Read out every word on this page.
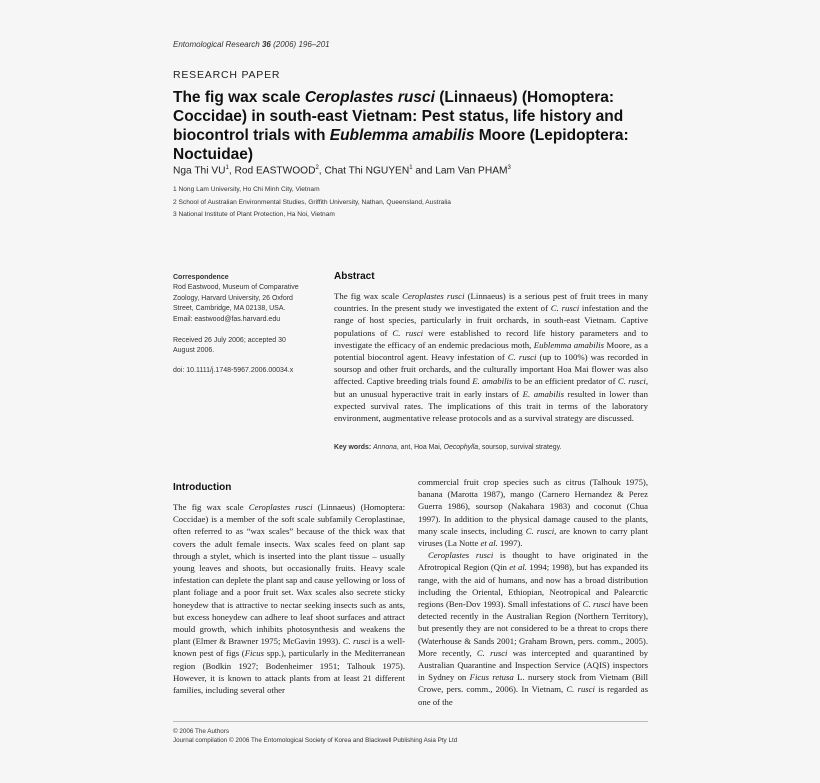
Entomological Research 36 (2006) 196–201
RESEARCH PAPER
The fig wax scale Ceroplastes rusci (Linnaeus) (Homoptera: Coccidae) in south-east Vietnam: Pest status, life history and biocontrol trials with Eublemma amabilis Moore (Lepidoptera: Noctuidae)
Nga Thi $VU^1$, Rod EASTWOOD$^2$, Chat Thi NGUYEN$^1$ and Lam Van PHAM$^3$
1 Nong Lam University, Ho Chi Minh City, Vietnam
2 School of Australian Environmental Studies, Griffith University, Nathan, Queensland, Australia
3 National Institute of Plant Protection, Ha Noi, Vietnam
Correspondence
Rod Eastwood, Museum of Comparative
Zoology, Harvard University, 26 Oxford
Street, Cambridge, MA 02138, USA.
Email: eastwood@fas.harvard.edu
Received 26 July 2006; accepted 30
August 2006.
doi: 10.1111/j.1748-5967.2006.00034.x
Abstract
The fig wax scale Ceroplastes rusci (Linnaeus) is a serious pest of fruit trees in many countries. In the present study we investigated the extent of C. rusci infestation and the range of host species, particularly in fruit orchards, in south-east Vietnam. Captive populations of C. rusci were established to record life history parameters and to investigate the efficacy of an endemic predacious moth, Eublemma amabilis Moore, as a potential biocontrol agent. Heavy infestation of C. rusci (up to 100%) was recorded in soursop and other fruit orchards, and the culturally important Hoa Mai flower was also affected. Captive breeding trials found E. amabilis to be an efficient predator of C. rusci, but an unusual hyperactive trait in early instars of E. amabilis resulted in lower than expected survival rates. The implications of this trait in terms of the laboratory environment, augmentative release protocols and as a survival strategy are discussed.
Key words: Annona, ant, Hoa Mai, Oecophylla, soursop, survival strategy.
Introduction
The fig wax scale Ceroplastes rusci (Linnaeus) (Homoptera: Coccidae) is a member of the soft scale subfamily Ceroplastinae, often referred to as “wax scales” because of the thick wax that covers the adult female insects. Wax scales feed on plant sap through a stylet, which is inserted into the plant tissue – usually young leaves and shoots, but occasionally fruits. Heavy scale infestation can deplete the plant sap and cause yellowing or loss of plant foliage and a poor fruit set. Wax scales also secrete sticky honeydew that is attractive to nectar seeking insects such as ants, but excess honeydew can adhere to leaf shoot surfaces and attract mould growth, which inhibits photosynthesis and weakens the plant (Elmer & Brawner 1975; McGavin 1993). C. rusci is a well-known pest of figs (Ficus spp.), particularly in the Mediterranean region (Bodkin 1927; Bodenheimer 1951; Talhouk 1975). However, it is known to attack plants from at least 21 different families, including several other
commercial fruit crop species such as citrus (Talhouk 1975), banana (Marotta 1987), mango (Carnero Hernandez & Perez Guerra 1986), soursop (Nakahara 1983) and coconut (Chua 1997). In addition to the physical damage caused to the plants, many scale insects, including C. rusci, are known to carry plant viruses (La Notte et al. 1997).
Ceroplastes rusci is thought to have originated in the Afrotropical Region (Qin et al. 1994; 1998), but has expanded its range, with the aid of humans, and now has a broad distribution including the Oriental, Ethiopian, Neotropical and Palearctic regions (Ben-Dov 1993). Small infestations of C. rusci have been detected recently in the Australian Region (Northern Territory), but presently they are not considered to be a threat to crops there (Waterhouse & Sands 2001; Graham Brown, pers. comm., 2005). More recently, C. rusci was intercepted and quarantined by Australian Quarantine and Inspection Service (AQIS) inspectors in Sydney on Ficus retusa L. nursery stock from Vietnam (Bill Crowe, pers. comm., 2006). In Vietnam, C. rusci is regarded as one of the
© 2006 The Authors
Journal compilation © 2006 The Entomological Society of Korea and Blackwell Publishing Asia Pty Ltd
